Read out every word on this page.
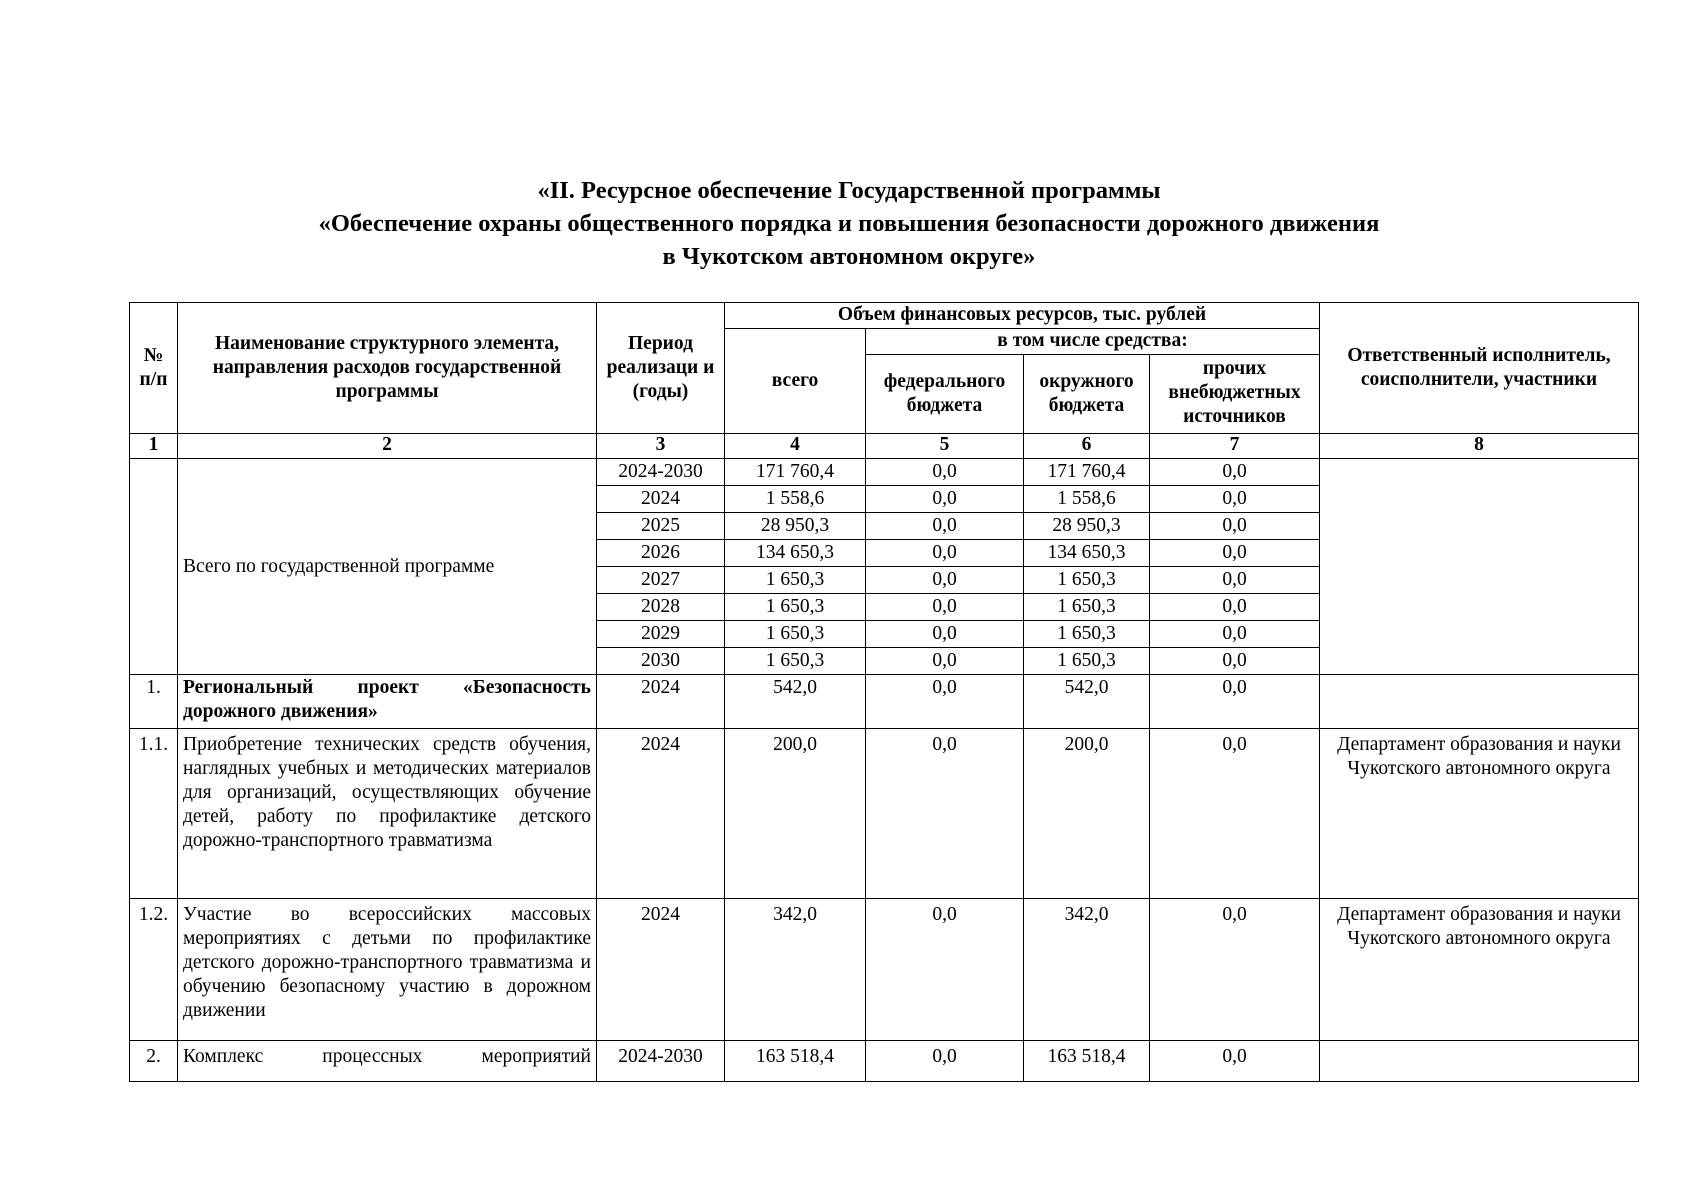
«II. Ресурсное обеспечение Государственной программы
«Обеспечение охраны общественного порядка и повышения безопасности дорожного движения
в Чукотском автономном округе»
№ п/п	Наименование структурного элемента, направления расходов государственной программы	Период реализаци и (годы)	Объем финансовых ресурсов, тыс. рублей				Ответственный исполнитель, соисполнители, участники
			всего	в том числе средства:			
				федерального бюджета	окружного бюджета	прочих внебюджетных источников	
1	2	3	4	5	6	7	8
	Всего по государственной программе	2024-2030	171 760,4	0,0	171 760,4	0,0	
		2024	1 558,6	0,0	1 558,6	0,0	
		2025	28 950,3	0,0	28 950,3	0,0	
		2026	134 650,3	0,0	134 650,3	0,0	
		2027	1 650,3	0,0	1 650,3	0,0	
		2028	1 650,3	0,0	1 650,3	0,0	
		2029	1 650,3	0,0	1 650,3	0,0	
		2030	1 650,3	0,0	1 650,3	0,0	
1.	Региональный проект «Безопасность дорожного движения»	2024	542,0	0,0	542,0	0,0	
1.1.	Приобретение технических средств обучения, наглядных учебных и методических материалов для организаций, осуществляющих обучение детей, работу по профилактике детского дорожно-транспортного травматизма	2024	200,0	0,0	200,0	0,0	Департамент образования и науки Чукотского автономного округа
1.2.	Участие во всероссийских массовых мероприятиях с детьми по профилактике детского дорожно-транспортного травматизма и обучению безопасному участию в дорожном движении	2024	342,0	0,0	342,0	0,0	Департамент образования и науки Чукотского автономного округа
2.	Комплекс процессных мероприятий	2024-2030	163 518,4	0,0	163 518,4	0,0	
